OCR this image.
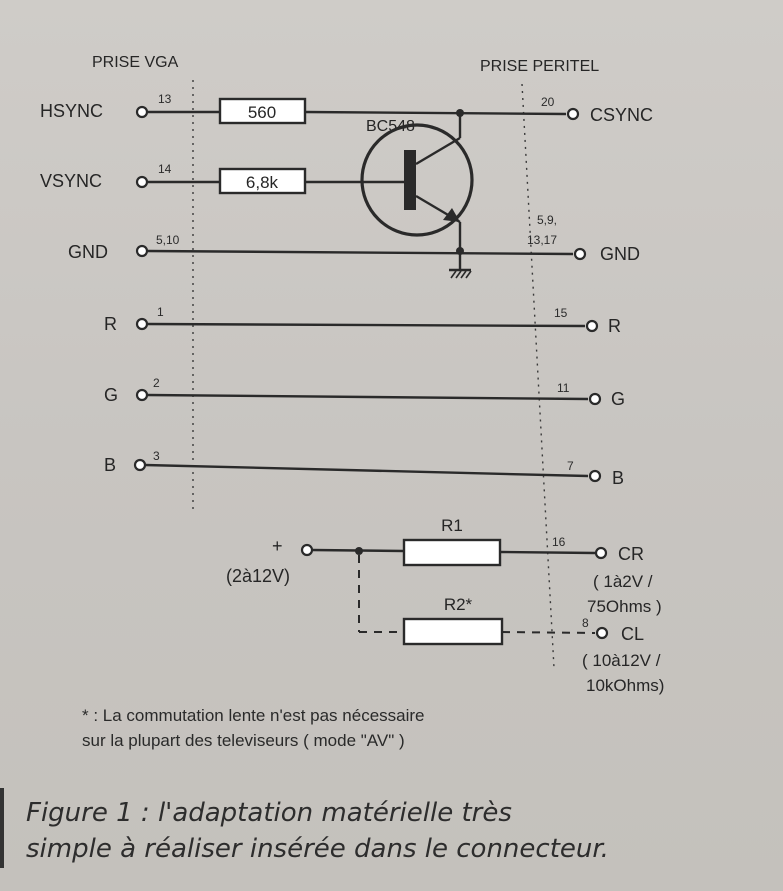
PRISE VGA	PRISE PERITEL
HSYNC
13
560
20
CSYNC
VSYNC
14
6,8k
BC548
GND
5,10
5,9,
13,17
GND
R
1	15
R
G
2	11
G
B	3
7
B
+
(2à12V)
R1
16
CR
( 1à2V /
75Ohms )
R2*
8
CL
( 10à12V /
10kOhms)
* : La commutation lente n'est pas nécessaire
sur la plupart des televiseurs ( mode "AV" )
Figure 1 : l'adaptation matérielle très
simple à réaliser insérée dans le connecteur.
